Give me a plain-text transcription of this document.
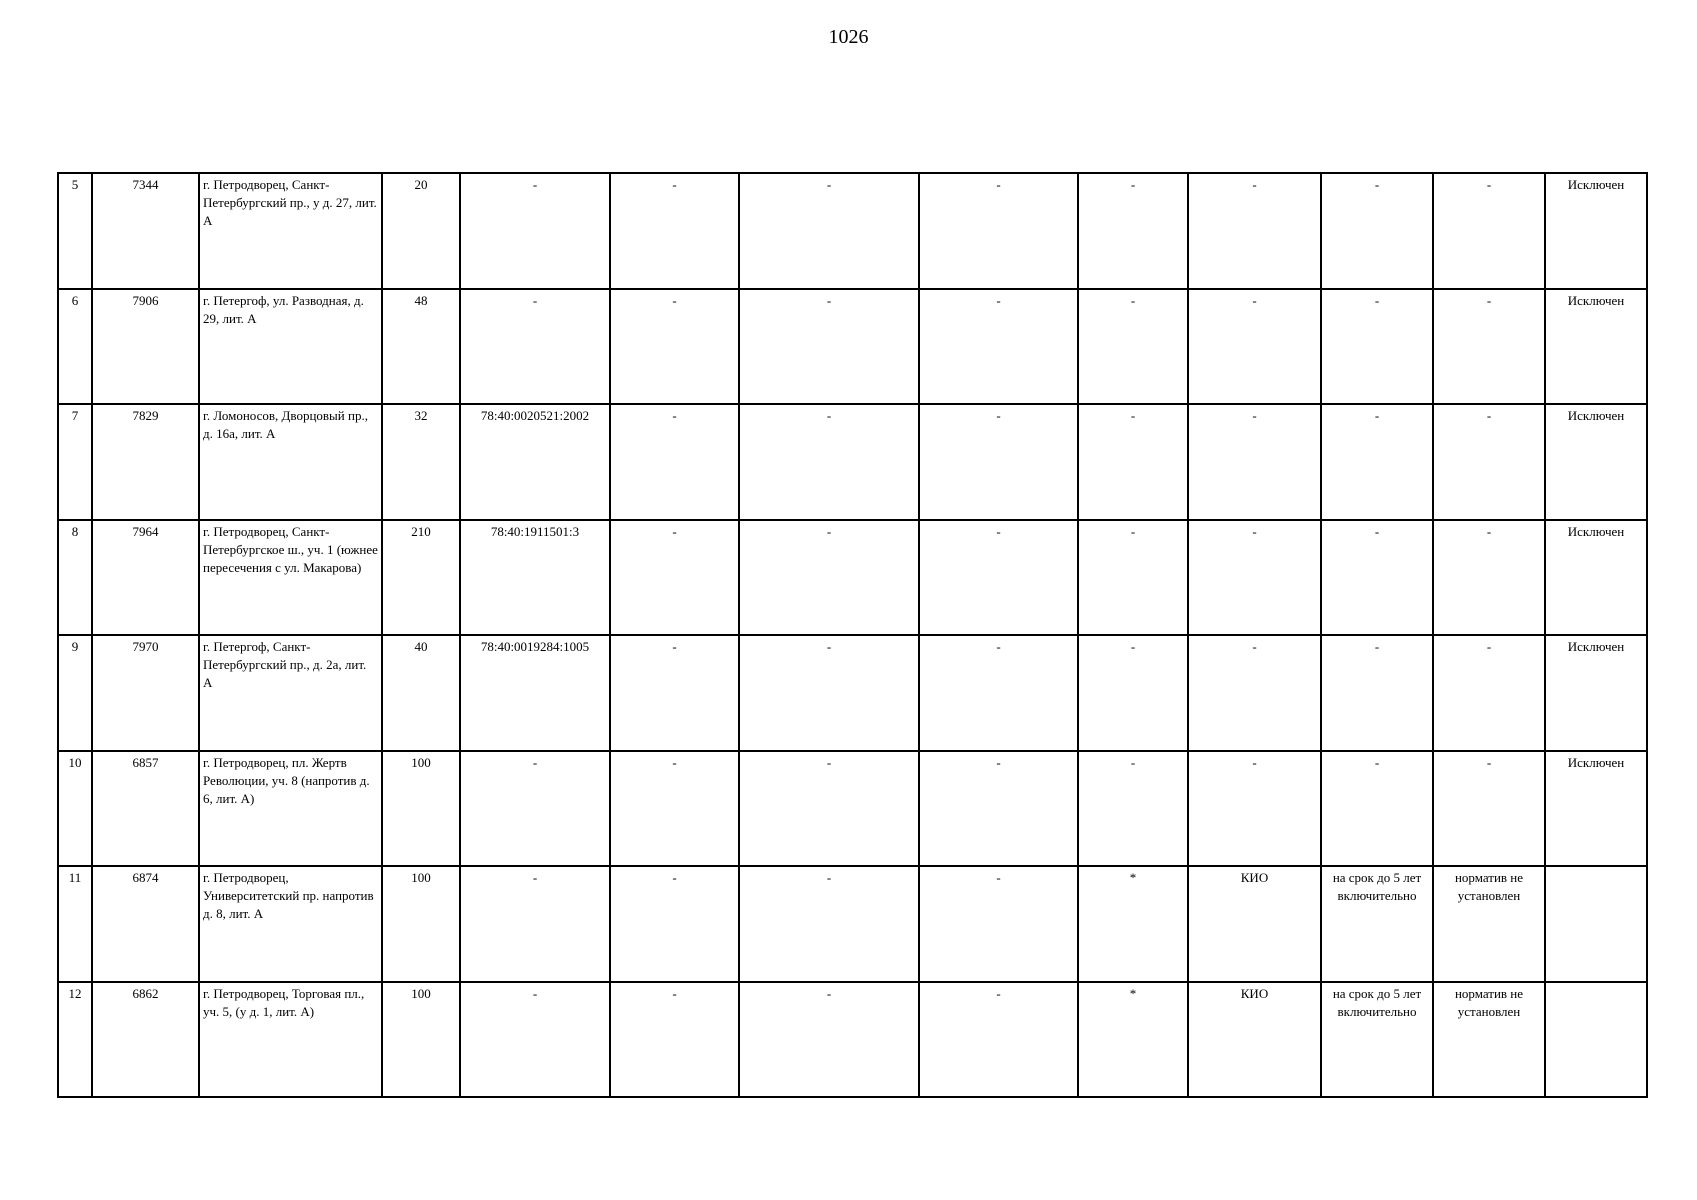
1026
5	7344	г. Петродворец, Санкт-Петербургский пр., у д. 27, лит. А	20	-	-	-	-	-	-	-	-	Исключен
6	7906	г. Петергоф, ул. Разводная, д. 29, лит. А	48	-	-	-	-	-	-	-	-	Исключен
7	7829	г. Ломоносов, Дворцовый пр., д. 16а, лит. А	32	78:40:0020521:2002	-	-	-	-	-	-	-	Исключен
8	7964	г. Петродворец, Санкт-Петербургское ш., уч. 1 (южнее пересечения с ул. Макарова)	210	78:40:1911501:3	-	-	-	-	-	-	-	Исключен
9	7970	г. Петергоф, Санкт-Петербургский пр., д. 2а, лит. А	40	78:40:0019284:1005	-	-	-	-	-	-	-	Исключен
10	6857	г. Петродворец, пл. Жертв Революции, уч. 8 (напротив д. 6, лит. А)	100	-	-	-	-	-	-	-	-	Исключен
11	6874	г. Петродворец, Университетский пр. напротив д. 8, лит. А	100	-	-	-	-	*	КИО	на срок до 5 лет включительно	норматив не установлен	
12	6862	г. Петродворец, Торговая пл., уч. 5, (у д. 1, лит. А)	100	-	-	-	-	*	КИО	на срок до 5 лет включительно	норматив не установлен	
